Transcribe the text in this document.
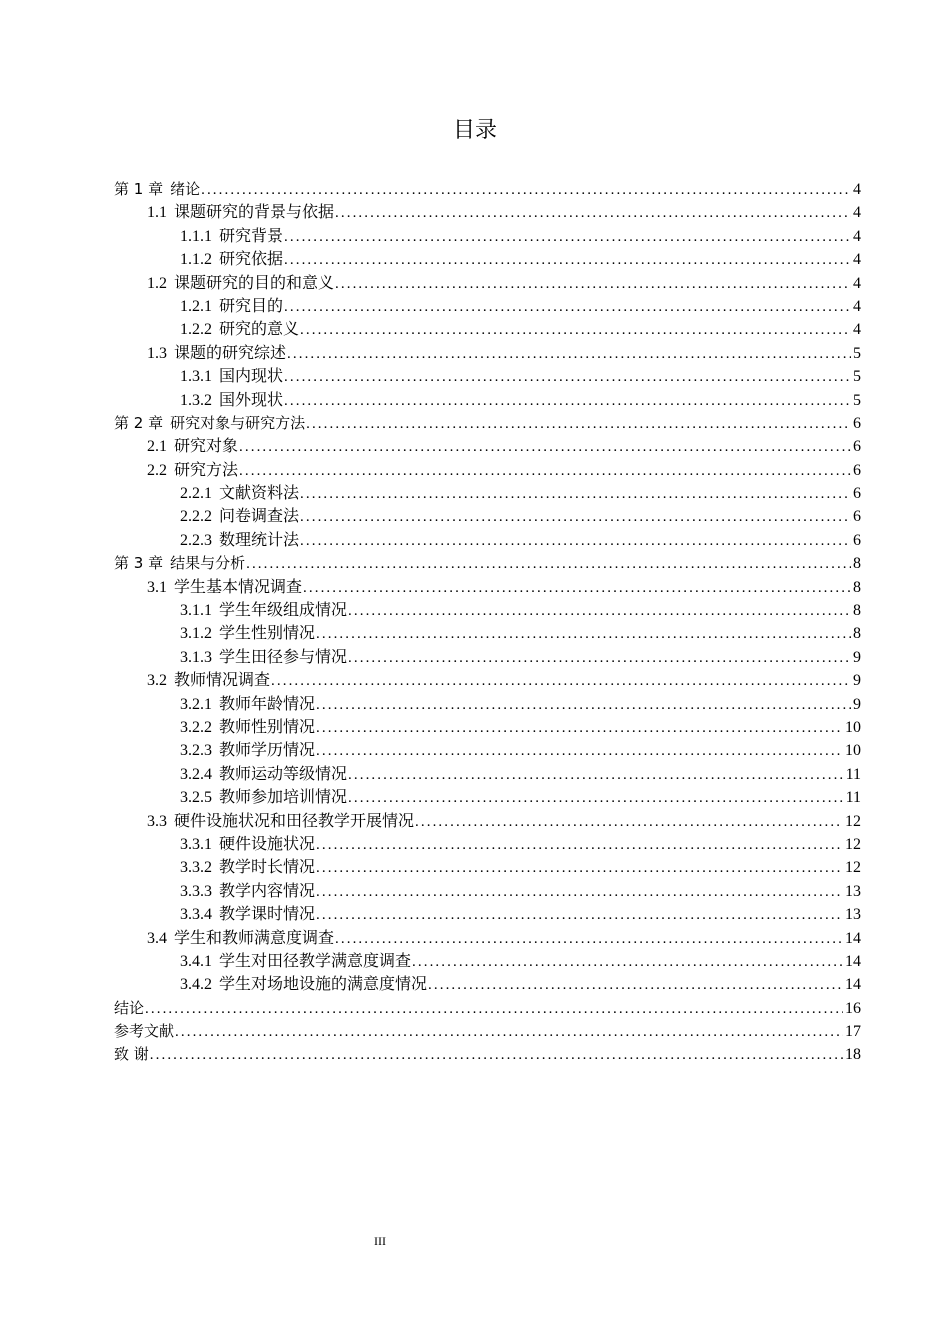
目录
第 1 章 绪论 .....	4
1.1 课题研究的背景与依据 .....	4
1.1.1 研究背景 .....	4
1.1.2 研究依据 .....	4
1.2 课题研究的目的和意义 .....	4
1.2.1 研究目的 .....	4
1.2.2 研究的意义 .....	4
1.3 课题的研究综述 .....	5
1.3.1 国内现状 .....	5
1.3.2 国外现状 .....	5
第 2 章 研究对象与研究方法 .....	6
2.1 研究对象 .....	6
2.2 研究方法 .....	6
2.2.1 文献资料法 .....	6
2.2.2 问卷调查法 .....	6
2.2.3 数理统计法 .....	6
第 3 章 结果与分析 .....	8
3.1 学生基本情况调查 .....	8
3.1.1 学生年级组成情况 .....	8
3.1.2 学生性别情况 .....	8
3.1.3 学生田径参与情况 .....	9
3.2 教师情况调查 .....	9
3.2.1 教师年龄情况 .....	9
3.2.2 教师性别情况 .....	10
3.2.3 教师学历情况 .....	10
3.2.4 教师运动等级情况 .....	11
3.2.5 教师参加培训情况 .....	11
3.3 硬件设施状况和田径教学开展情况 .....	12
3.3.1 硬件设施状况 .....	12
3.3.2 教学时长情况 .....	12
3.3.3 教学内容情况 .....	13
3.3.4 教学课时情况 .....	13
3.4 学生和教师满意度调查 .....	14
3.4.1 学生对田径教学满意度调查 .....	14
3.4.2 学生对场地设施的满意度情况 .....	14
结论 .....	16
参考文献 .....	17
致 谢 .....	18
III
